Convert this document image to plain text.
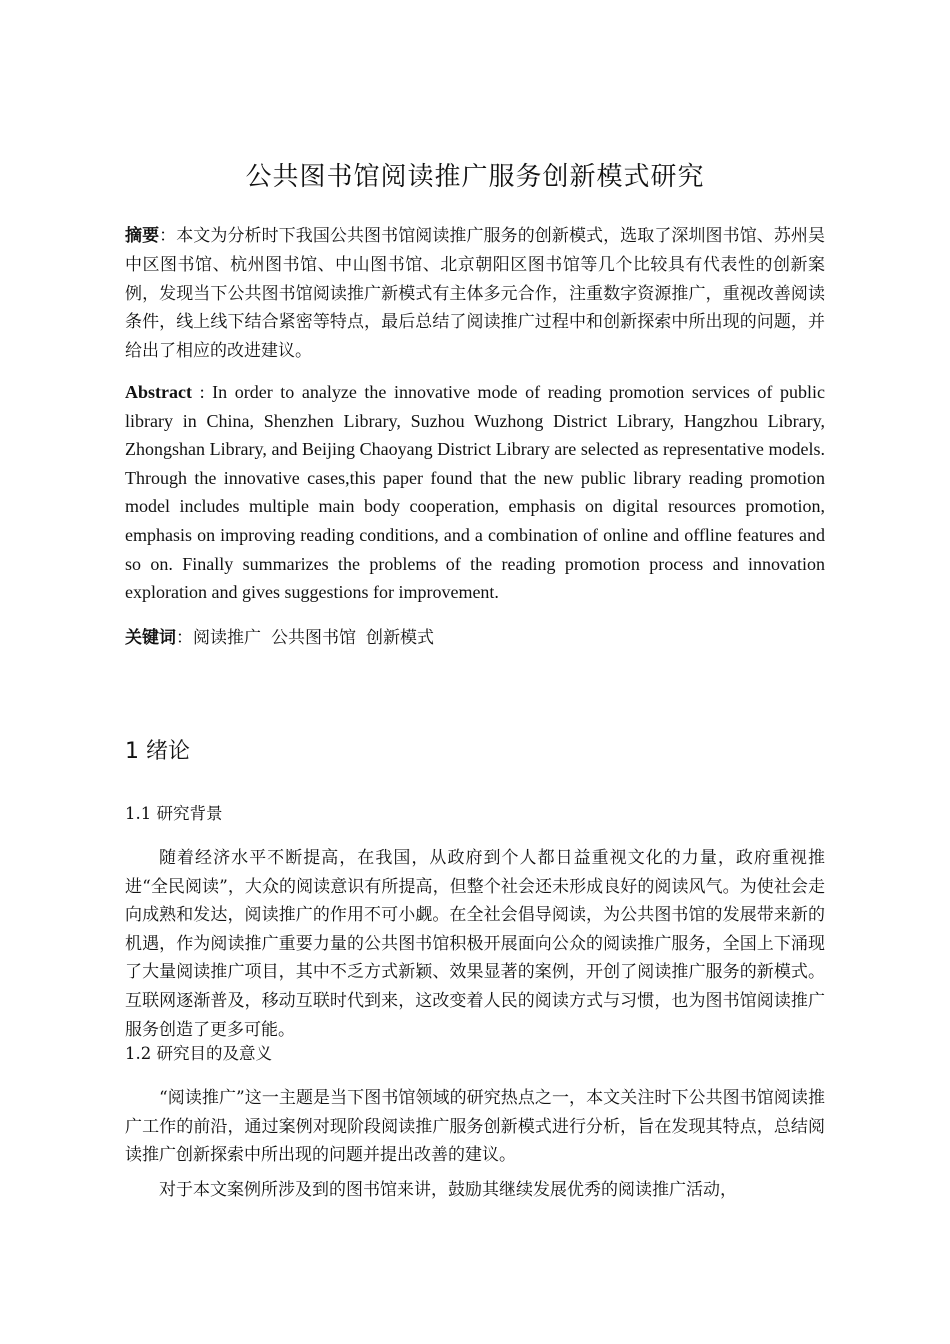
公共图书馆阅读推广服务创新模式研究
摘要：本文为分析时下我国公共图书馆阅读推广服务的创新模式，选取了深圳图书馆、苏州吴中区图书馆、杭州图书馆、中山图书馆、北京朝阳区图书馆等几个比较具有代表性的创新案例，发现当下公共图书馆阅读推广新模式有主体多元合作，注重数字资源推广，重视改善阅读条件，线上线下结合紧密等特点，最后总结了阅读推广过程中和创新探索中所出现的问题，并给出了相应的改进建议。
Abstract : In order to analyze the innovative mode of reading promotion services of public library in China, Shenzhen Library, Suzhou Wuzhong District Library, Hangzhou Library, Zhongshan Library, and Beijing Chaoyang District Library are selected as representative models. Through the innovative cases,this paper found that the new public library reading promotion model includes multiple main body cooperation, emphasis on digital resources promotion, emphasis on improving reading conditions, and a combination of online and offline features and so on. Finally summarizes the problems of the reading promotion process and innovation exploration and gives suggestions for improvement.
关键词：阅读推广 公共图书馆 创新模式
1 绪论
1.1 研究背景
随着经济水平不断提高，在我国，从政府到个人都日益重视文化的力量，政府重视推进“全民阅读”，大众的阅读意识有所提高，但整个社会还未形成良好的阅读风气。为使社会走向成熟和发达，阅读推广的作用不可小觑。在全社会倡导阅读，为公共图书馆的发展带来新的机遇，作为阅读推广重要力量的公共图书馆积极开展面向公众的阅读推广服务，全国上下涌现了大量阅读推广项目，其中不乏方式新颖、效果显著的案例，开创了阅读推广服务的新模式。互联网逐渐普及，移动互联时代到来，这改变着人民的阅读方式与习惯，也为图书馆阅读推广服务创造了更多可能。
1.2 研究目的及意义
“阅读推广”这一主题是当下图书馆领域的研究热点之一，本文关注时下公共图书馆阅读推广工作的前沿，通过案例对现阶段阅读推广服务创新模式进行分析，旨在发现其特点，总结阅读推广创新探索中所出现的问题并提出改善的建议。
对于本文案例所涉及到的图书馆来讲，鼓励其继续发展优秀的阅读推广活动，
